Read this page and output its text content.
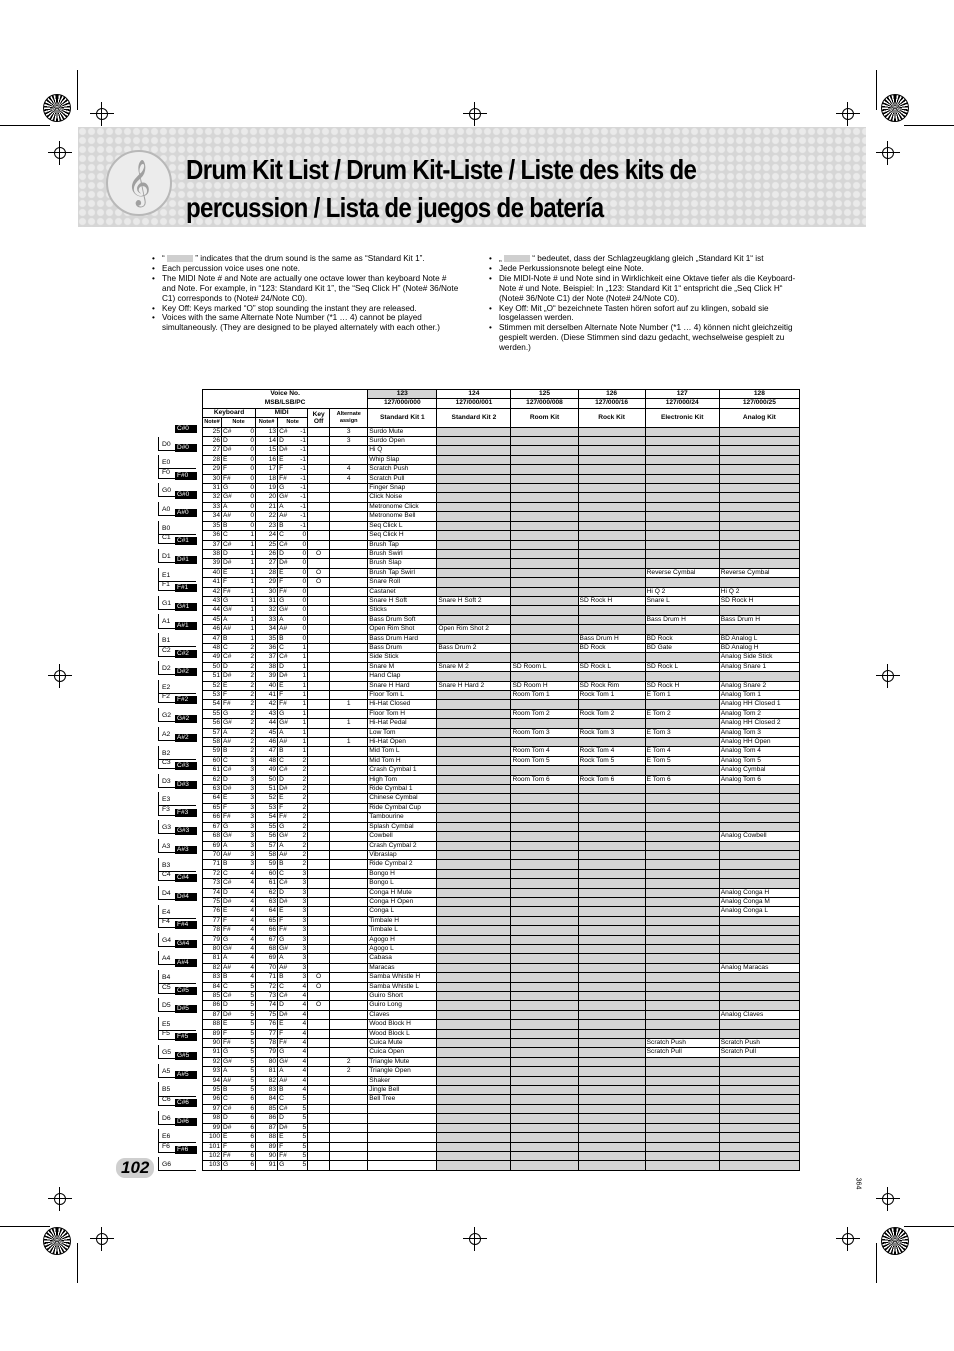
𝄞	Drum Kit List / Drum Kit-Liste / Liste des kits de
percussion / Lista de juegos de batería
• “	” indicates that the drum sound is the same as “Standard Kit 1”.
• Each percussion voice uses one note.
• The MIDI Note # and Note are actually one octave lower than keyboard Note # and Note. For example, in “123: Standard Kit 1”, the “Seq Click H” (Note# 36/Note C1) corresponds to (Note# 24/Note C0).
• Key Off: Keys marked “O” stop sounding the instant they are released.
• Voices with the same Alternate Note Number (*1 … 4) cannot be played simultaneously. (They are designed to be played alternately with each other.)
• „	“ bedeutet, dass der Schlagzeugklang gleich „Standard Kit 1“ ist
• Jede Perkussionsnote belegt eine Note.
• Die MIDI-Note # und Note sind in Wirklichkeit eine Oktave tiefer als die Keyboard-Note # und Note. Beispiel: In „123: Standard Kit 1“ entspricht die „Seq Click H“ (Note# 36/Note C1) der Note (Note# 24/Note C0).
• Key Off: Mit „O“ bezeichnete Tasten hören sofort auf zu klingen, sobald sie losgelassen werden.
• Stimmen mit derselben Alternate Note Number (*1 … 4) können nicht gleichzeitig gespielt werden. (Diese Stimmen sind dazu gedacht, wechselweise gespielt zu werden.)
C#0
D0 D#0
E0
F0	F#0
G0 G#0
A0	A#0
B0
C1 C#1
D1 D#1
E1
F1	F#1
G1 G#1
A1	A#1
B1
C2 C#2
D2 D#2
E2
F2	F#2
G2 G#2
A2	A#2
B2
C3 C#3
D3 D#3
E3
F3	F#3
G3 G#3
A3	A#3
B3
C4 C#4
D4 D#4
E4
F4	F#4
G4 G#4
A4	A#4
B4
C5 C#5
D5 D#5
E5
F5	F#5
G5 G#5
A5	A#5
B5
C6 C#6
D6 D#6
E6
F6	F#6
G6
Voice No.								123	124	125	126	127	128
MSB/LSB/PC								127/000/000	127/000/001	127/000/008	127/000/16	127/000/24	127/000/25
Keyboard			MIDI			Key Off	Alternate assign	Standard Kit 1	Standard Kit 2	Room Kit	Rock Kit	Electronic Kit	Analog Kit
Note#	Note		Note#	Note									
25	C#	0	13	C#	-1		3	Surdo Mute					
26	D	0	14	D	-1		3	Surdo Open					
27	D#	0	15	D#	-1			Hi Q					
28	E	0	16	E	-1			Whip Slap					
29	F	0	17	F	-1		4	Scratch Push					
30	F#	0	18	F#	-1		4	Scratch Pull					
31	G	0	19	G	-1			Finger Snap					
32	G#	0	20	G#	-1			Click Noise					
33	A	0	21	A	-1			Metronome Click					
34	A#	0	22	A#	-1			Metronome Bell					
35	B	0	23	B	-1			Seq Click L					
36	C	1	24	C	0			Seq Click H					
37	C#	1	25	C#	0			Brush Tap					
38	D	1	26	D	0	O		Brush Swirl					
39	D#	1	27	D#	0			Brush Slap					
40	E	1	28	E	0	O		Brush Tap Swirl				Reverse Cymbal	Reverse Cymbal
41	F	1	29	F	0	O		Snare Roll					
42	F#	1	30	F#	0			Castanet				Hi Q 2	Hi Q 2
43	G	1	31	G	0			Snare H Soft	Snare H Soft 2		SD Rock H	Snare L	SD Rock H
44	G#	1	32	G#	0			Sticks					
45	A	1	33	A	0			Bass Drum Soft				Bass Drum H	Bass Drum H
46	A#	1	34	A#	0			Open Rim Shot	Open Rim Shot 2				
47	B	1	35	B	0			Bass Drum Hard			Bass Drum H	BD Rock	BD Analog L
48	C	2	36	C	1			Bass Drum	Bass Drum 2		BD Rock	BD Gate	BD Analog H
49	C#	2	37	C#	1			Side Stick					Analog Side Stick
50	D	2	38	D	1			Snare M	Snare M 2	SD Room L	SD Rock L	SD Rock L	Analog Snare 1
51	D#	2	39	D#	1			Hand Clap					
52	E	2	40	E	1			Snare H Hard	Snare H Hard 2	SD Room H	SD Rock Rim	SD Rock H	Analog Snare 2
53	F	2	41	F	1			Floor Tom L		Room Tom 1	Rock Tom 1	E Tom 1	Analog Tom 1
54	F#	2	42	F#	1		1	Hi-Hat Closed					Analog HH Closed 1
55	G	2	43	G	1			Floor Tom H		Room Tom 2	Rock Tom 2	E Tom 2	Analog Tom 2
56	G#	2	44	G#	1		1	Hi-Hat Pedal					Analog HH Closed 2
57	A	2	45	A	1			Low Tom		Room Tom 3	Rock Tom 3	E Tom 3	Analog Tom 3
58	A#	2	46	A#	1		1	Hi-Hat Open					Analog HH Open
59	B	2	47	B	1			Mid Tom L		Room Tom 4	Rock Tom 4	E Tom 4	Analog Tom 4
60	C	3	48	C	2			Mid Tom H		Room Tom 5	Rock Tom 5	E Tom 5	Analog Tom 5
61	C#	3	49	C#	2			Crash Cymbal 1					Analog Cymbal
62	D	3	50	D	2			High Tom		Room Tom 6	Rock Tom 6	E Tom 6	Analog Tom 6
63	D#	3	51	D#	2			Ride Cymbal 1					
64	E	3	52	E	2			Chinese Cymbal					
65	F	3	53	F	2			Ride Cymbal Cup					
66	F#	3	54	F#	2			Tambourine					
67	G	3	55	G	2			Splash Cymbal					
68	G#	3	56	G#	2			Cowbell					Analog Cowbell
69	A	3	57	A	2			Crash Cymbal 2					
70	A#	3	58	A#	2			Vibraslap					
71	B	3	59	B	2			Ride Cymbal 2					
72	C	4	60	C	3			Bongo H					
73	C#	4	61	C#	3			Bongo L					
74	D	4	62	D	3			Conga H Mute					Analog Conga H
75	D#	4	63	D#	3			Conga H Open					Analog Conga M
76	E	4	64	E	3			Conga L					Analog Conga L
77	F	4	65	F	3			Timbale H					
78	F#	4	66	F#	3			Timbale L					
79	G	4	67	G	3			Agogo H					
80	G#	4	68	G#	3			Agogo L					
81	A	4	69	A	3			Cabasa					
82	A#	4	70	A#	3			Maracas					Analog Maracas
83	B	4	71	B	3	O		Samba Whistle H					
84	C	5	72	C	4	O		Samba Whistle L					
85	C#	5	73	C#	4			Guiro Short					
86	D	5	74	D	4	O		Guiro Long					
87	D#	5	75	D#	4			Claves					Analog Claves
88	E	5	76	E	4			Wood Block H					
89	F	5	77	F	4			Wood Block L					
90	F#	5	78	F#	4			Cuica Mute				Scratch Push	Scratch Push
91	G	5	79	G	4			Cuica Open				Scratch Pull	Scratch Pull
92	G#	5	80	G#	4		2	Triangle Mute					
93	A	5	81	A	4		2	Triangle Open					
94	A#	5	82	A#	4			Shaker					
95	B	5	83	B	4			Jingle Bell					
96	C	6	84	C	5			Bell Tree					
97	C#	6	85	C#	5								
98	D	6	86	D	5								
99	D#	6	87	D#	5								
100	E	6	88	E	5								
101	F	6	89	F	5								
102	F#	6	90	F#	5								
103	G	6	91	G	5								
102
364
